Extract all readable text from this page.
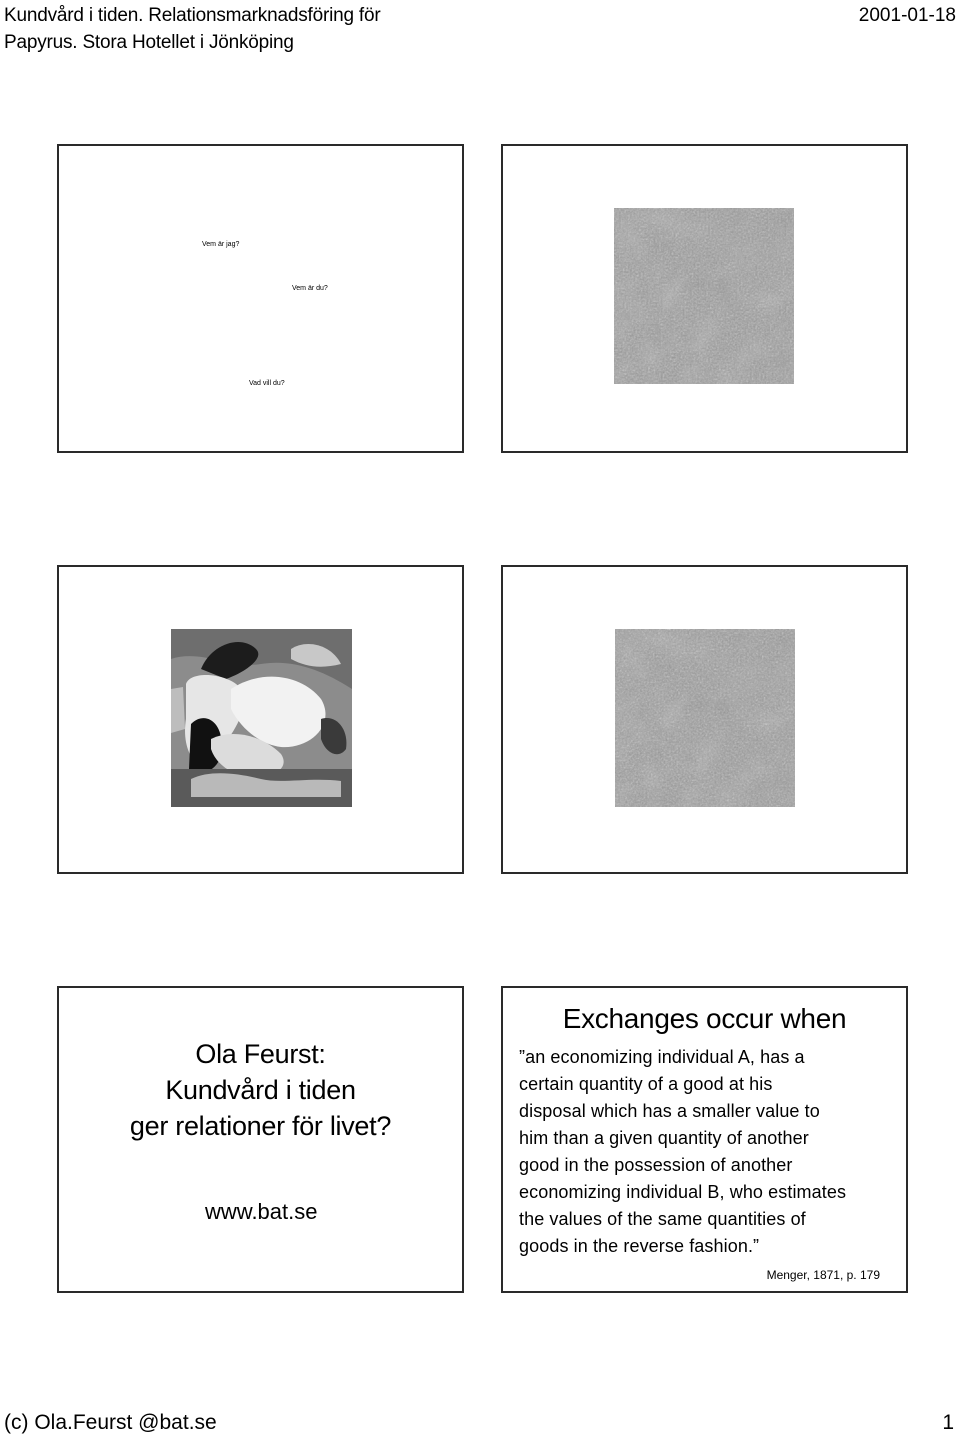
Kundvård i tiden. Relationsmarknadsföring för
Papyrus. Stora Hotellet i Jönköping
2001-01-18
Vem är jag?
Vem är du?
Vad vill du?
Ola Feurst:
Kundvård i tiden
ger relationer för livet?
www.bat.se
Exchanges occur when
”an economizing individual A, has a
certain quantity of a good at his
disposal which has a smaller value to
him than a given quantity of another
good in the possession of another
economizing individual B, who estimates
the values of the same quantities of
goods in the reverse fashion.”
Menger, 1871, p. 179
(c) Ola.Feurst @bat.se	1
